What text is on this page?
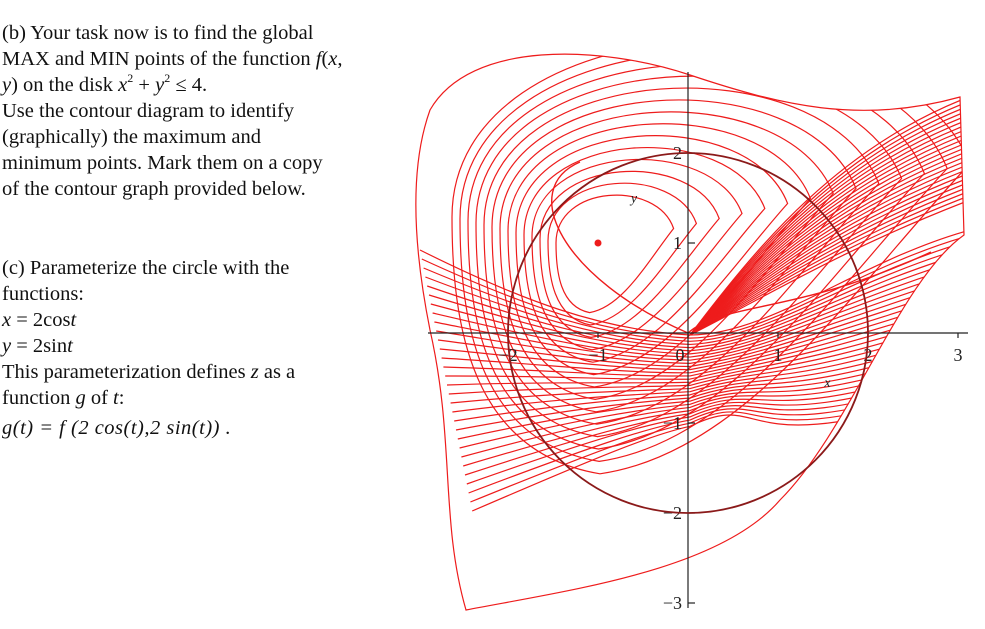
(b) Your task now is to find the global

MAX and MIN points of the function f(x,

y) on the disk $x^2 + y^2 \le 4$.

Use the contour diagram to identify

(graphically) the maximum and

minimum points. Mark them on a copy

of the contour graph provided below.

(c) Parameterize the circle with the

functions:

x = 2cost

y = 2sint

This parameterization defines z as a

function g of t:

g(t) = f (2 cos(t),2 sin(t)) .

−2	−1	0	1	2	3
2
1
−1
−2
−3
x
y
